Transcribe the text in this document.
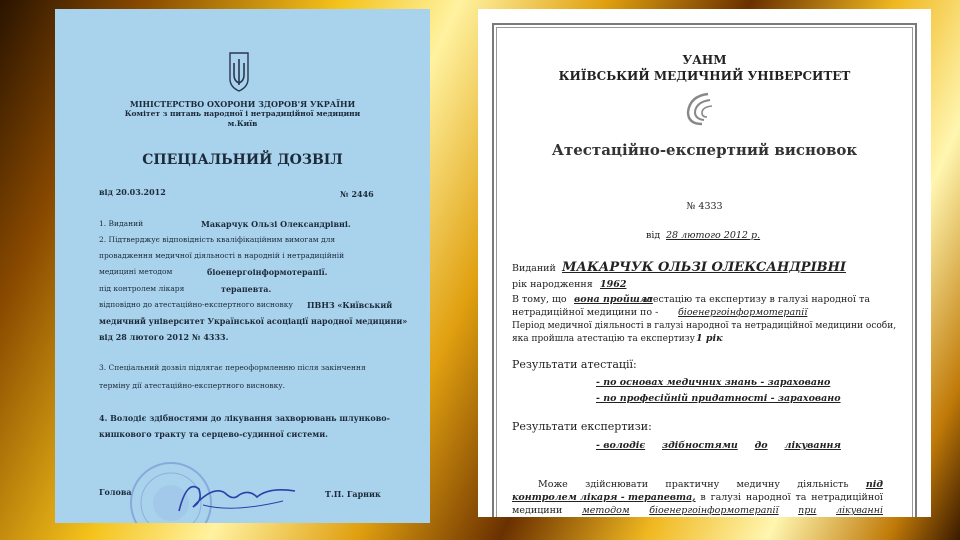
МІНІСТЕРСТВО ОХОРОНИ ЗДОРОВ'Я УКРАЇНИ
Комітет з питань народної і нетрадиційної медицини
м.Київ
СПЕЦІАЛЬНИЙ ДОЗВІЛ
від 20.03.2012	№ 2446
1. Виданий	Макарчук Ользі Олександрівні.
2. Підтверджує відповідність кваліфікаційним вимогам для
провадження медичної діяльності в народній і нетрадиційній
медицині методом	біоенергоінформотерапії.
під контролем лікаря	терапевта.
відповідно до атестаційно-експертного висновку ПВНЗ «Київський
медичний університет Української асоціації народної медицини»
від 28 лютого 2012 № 4333.
3. Спеціальний дозвіл підлягає переоформленню після закінчення
терміну дії атестаційно-експертного висновку.
4. Володіє здібностями до лікування захворювань шлунково-
кишкового тракту та серцево-судинної системи.
Голова	Т.П. Гарник
УАНМ
КИЇВСЬКИЙ МЕДИЧНИЙ УНІВЕРСИТЕТ
Атестаційно-експертний висновок
№ 4333
від 28 лютого 2012 р.
Виданий МАКАРЧУК ОЛЬЗІ ОЛЕКСАНДРІВНІ
рік народження 1962
В тому, що вона пройшла
атестацію та експертизу в галузі народної та
нетрадиційної медицини по - біоенергоінформотерапії
Період медичної діяльності в галузі народної та нетрадиційної медицини особи,
яка пройшла атестацію та експертизу 1 рік
Результати атестації:
- по основах медичних знань - зараховано
- по професійній придатності - зараховано
Результати експертизи:
- володіє здібностями до лікування
Може здійснювати практичну медичну діяльність під
контролем лікаря - терапевта, в галузі народної та нетрадиційної
медицини методом біоенергоінформотерапії при лікуванні
